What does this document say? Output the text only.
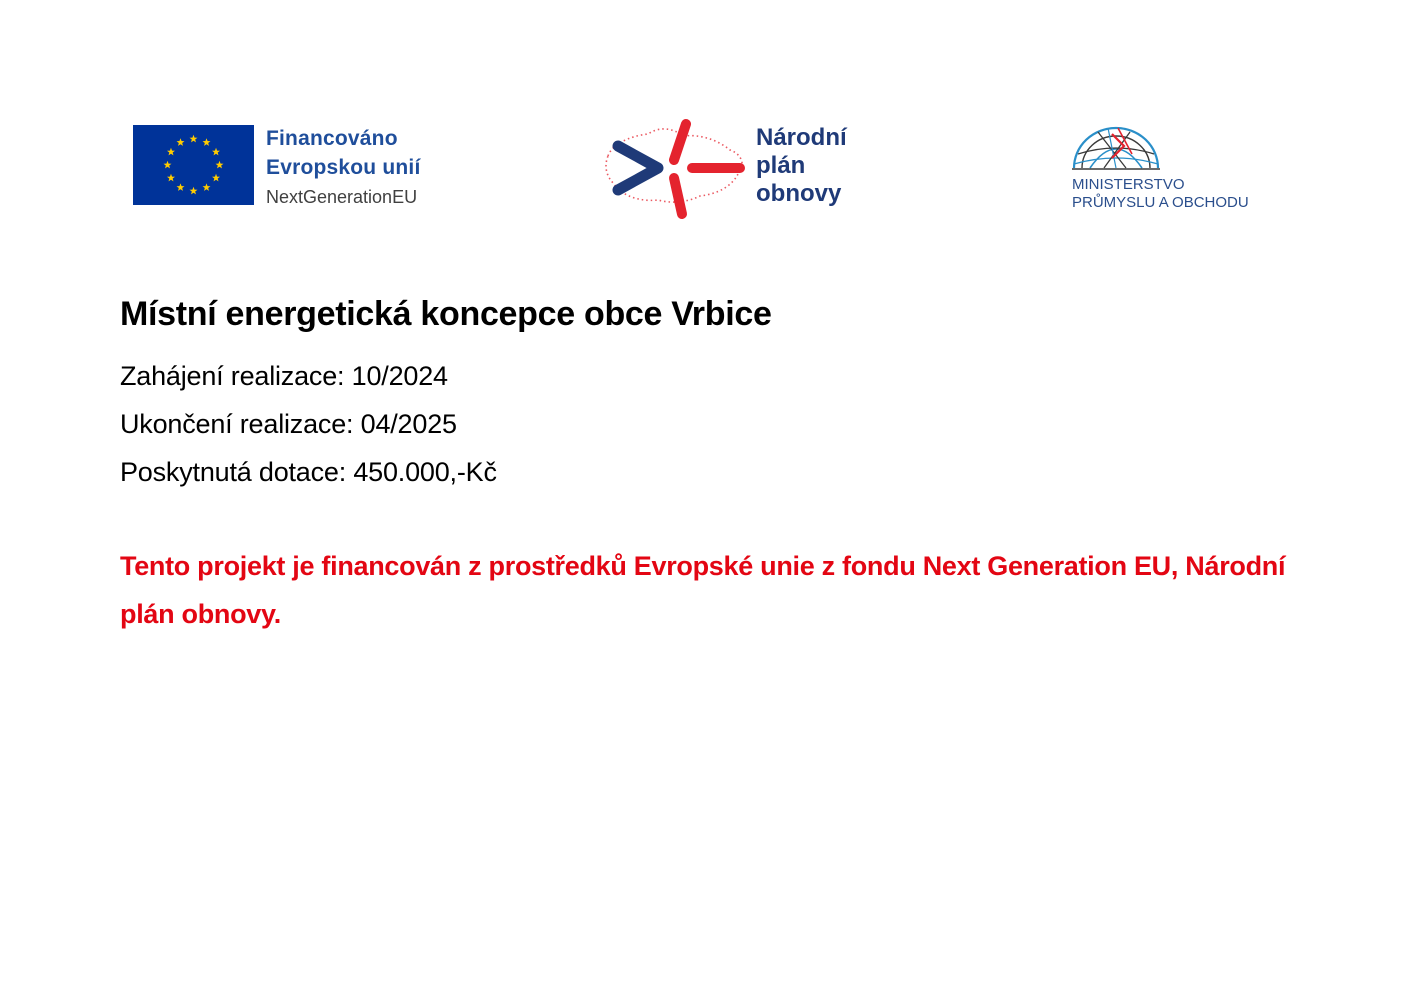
Financováno
Evropskou unií
NextGenerationEU
Národní
plán
obnovy	MINISTERSTVO
PRŮMYSLU A OBCHODU
Místní energetická koncepce obce Vrbice
Zahájení realizace: 10/2024
Ukončení realizace: 04/2025
Poskytnutá dotace: 450.000,-Kč
Tento projekt je financován z prostředků Evropské unie z fondu Next Generation EU, Národní plán obnovy.
